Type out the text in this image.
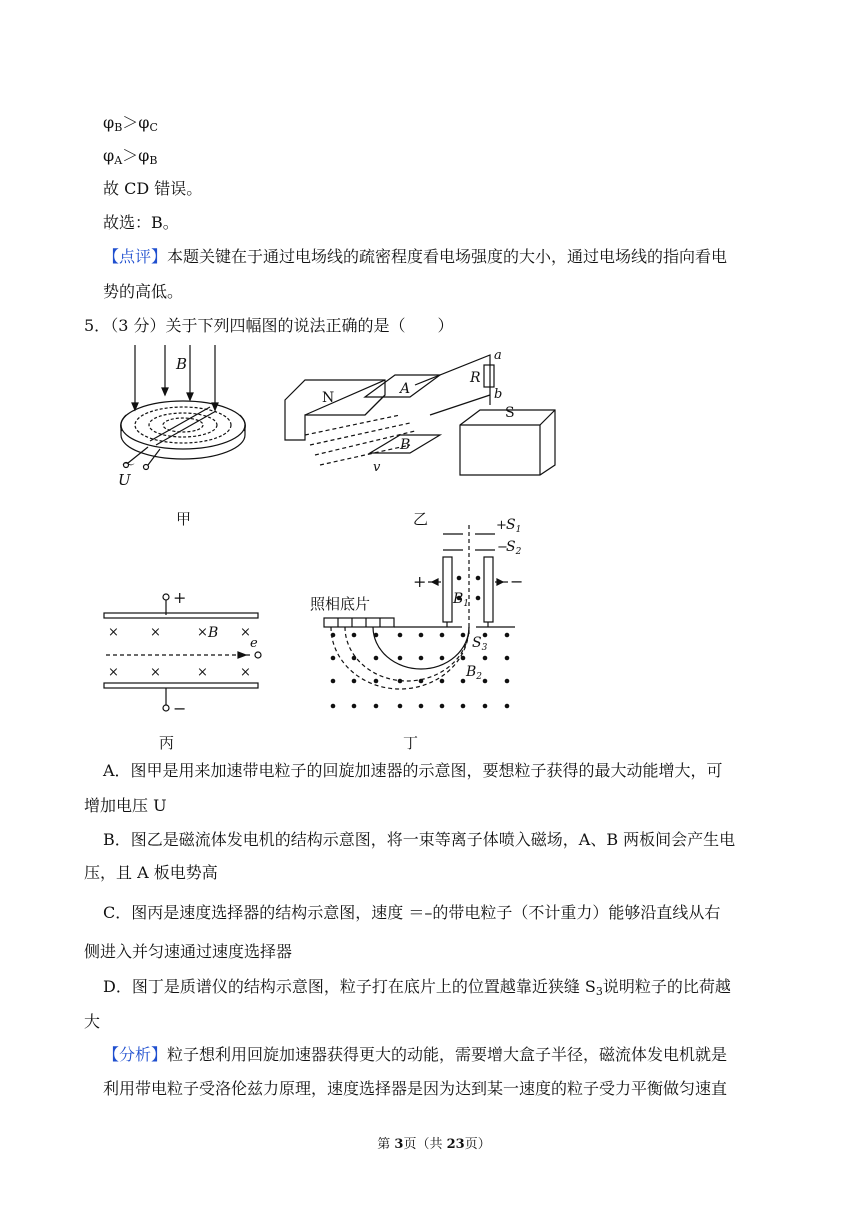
$\varphi_B>\varphi_C$
$\varphi_A>\varphi_B$
故 CD 错误。
故选：B。
【点评】本题关键在于通过电场线的疏密程度看电场强度的大小，通过电场线的指向看电
势的高低。
5．（3 分）关于下列四幅图的说法正确的是（　　）
B
～
U
甲
N
A
R
a
b
S
B
v
乙
+
× ×	× B ×
e
× ×	× ×
−
丙
$S_1$
+
$S_2$
−
+	−
$B_1$
照相底片
$S_3$
$B_2$
丁
A．图甲是用来加速带电粒子的回旋加速器的示意图，要想粒子获得的最大动能增大，可
增加电压 U
B．图乙是磁流体发电机的结构示意图，将一束等离子体喷入磁场，A、B 两板间会产生电
压，且 A 板电势高
C．图丙是速度选择器的结构示意图，速度 ＝–的带电粒子（不计重力）能够沿直线从右
侧进入并匀速通过速度选择器
D．图丁是质谱仪的结构示意图，粒子打在底片上的位置越靠近狭缝 $S_3$说明粒子的比荷越
大
【分析】粒子想利用回旋加速器获得更大的动能，需要增大盒子半径，磁流体发电机就是
利用带电粒子受洛伦兹力原理，速度选择器是因为达到某一速度的粒子受力平衡做匀速直
第 3页（共 23页）
